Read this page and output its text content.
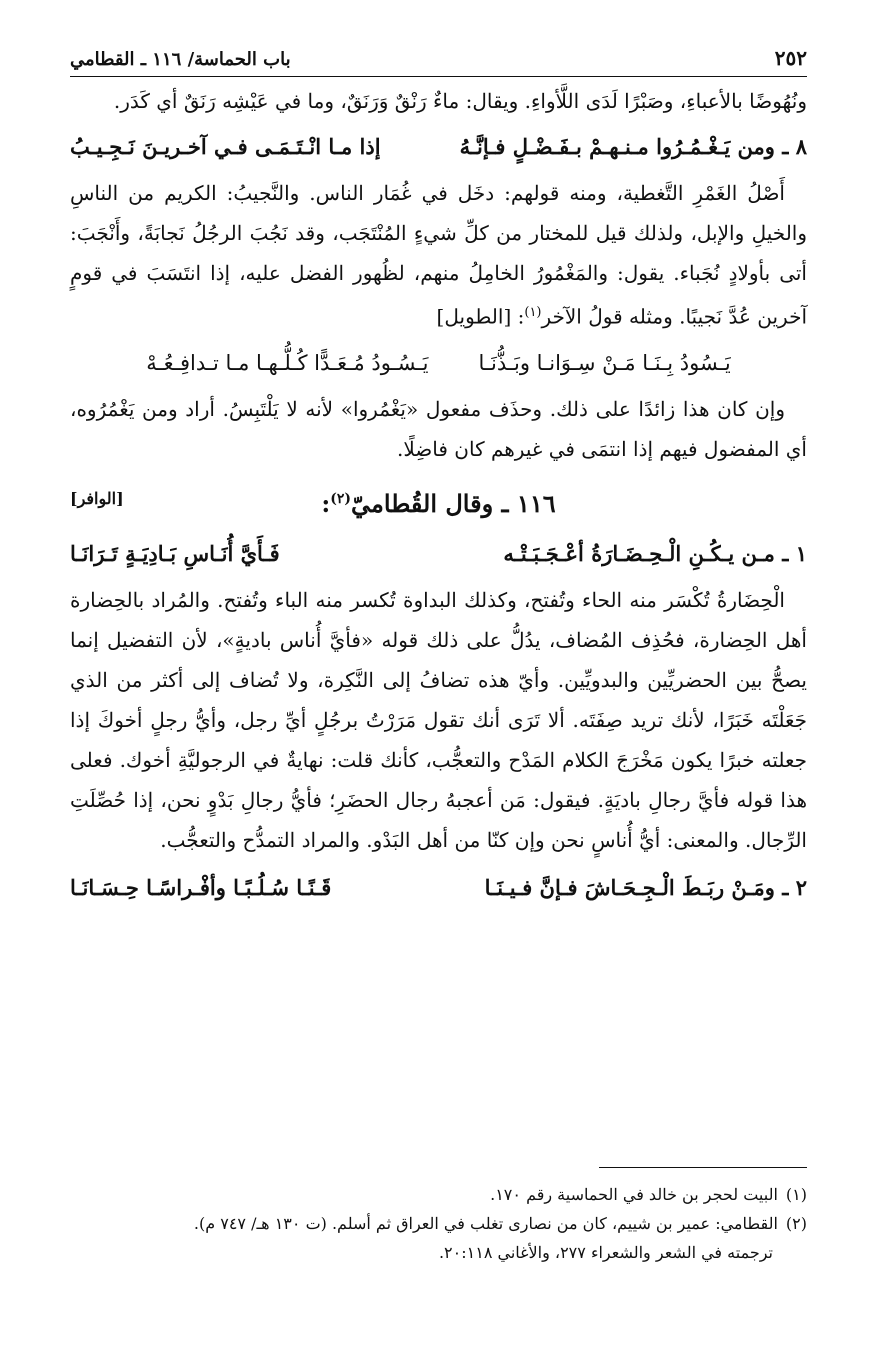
٢٥٢
باب الحماسة/ ١١٦ ـ القطامي

ونُهُوضًا بالأعباءِ، وصَبْرًا لَدَى اللَّأواءِ. ويقال: ماءٌ رَنْقٌ وَرَنَقٌ، وما في عَيْشِه رَنَقٌ أي كَدَر.

٨ ـ ومن يَـغْـمُـرُوا مـنـهـمْ بـفَـضْـلٍ فـإنَّـهُ
إذا مـا انْـتَـمَـى فـي آخـريـنَ نَـجِـيـبُ

أَصْلُ الغَمْرِ التَّغطية، ومنه قولهم: دخَل في غُمَار الناس. والنَّجيبُ: الكريم من الناسِ والخيلِ والإبل، ولذلك قيل للمختار من كلِّ شيءٍ المُنْتَجَب، وقد نَجُبَ الرجُلُ نَجابَةً، وأَنْجَبَ: أتى بأولادٍ نُجَباء. يقول: والمَغْمُورُ الخامِلُ منهم، لظُهور الفضل عليه، إذا انتَسَبَ في قومٍ آخرين عُدَّ نَجيبًا. ومثله قولُ الآخر$^{(١)}$: [الطويل]

يَـسُودُ بِـنَـا مَـنْ سِـوَانـا وبَـذُّنَـا
يَـسُـودُ مُـعَـدًّا كُـلُّـهـا مـا تـدافِـعُـهْ

وإن كان هذا زائدًا على ذلك. وحذَف مفعول «يَغْمُروا» لأنه لا يَلْتَبِسُ. أراد ومن يَغْمُرُوه، أي المفضول فيهم إذا انتمَى في غيرهم كان فاضِلًا.

١١٦ ـ وقال القُطاميّ$^{(٢)}$:
[الوافر]
١ ـ مـن يـكُـنِ الْـحِـضَـارَةُ أعْـجَـبَـتْـه
فَـأَيَّ أُنَـاسِ بَـادِيَـةٍ تَـرَانَـا

الْحِضَارةُ تُكْسَر منه الحاء وتُفتح، وكذلك البداوة تُكسر منه الباء وتُفتح. والمُراد بالحِضارة أهل الحِضارة، فحُذِف المُضاف، يدُلُّ على ذلك قوله «فأيَّ أُناس باديةٍ»، لأن التفضيل إنما يصحُّ بين الحضريِّين والبدويِّين. وأيّ هذه تضافُ إلى النَّكِرة، ولا تُضاف إلى أكثر من الذي جَعَلْتَه خَبَرًا، لأنك تريد صِفَتَه. ألا تَرَى أنك تقول مَرَرْتُ برجُلٍ أيِّ رجل، وأيُّ رجلٍ أخوكَ إذا جعلته خبرًا يكون مَخْرَجَ الكلام المَدْح والتعجُّب، كأنك قلت: نهايةٌ في الرجوليَّةِ أخوك. فعلى هذا قوله فأيَّ رجالِ باديَةٍ. فيقول: مَن أعجبهُ رجال الحضَرِ؛ فأيُّ رجالِ بَدْوٍ نحن، إذا حُصِّلَتِ الرِّجال. والمعنى: أيُّ أُناسٍ نحن وإن كنّا من أهل البَدْو. والمراد التمدُّح والتعجُّب.

٢ ـ ومَـنْ ربَـطَ الْـجِـحَـاشَ فـإنَّ فـيـنَـا
قَـنًـا سُـلُـبًـا وأفْـراسًـا حِـسَـانَـا
(١)
البيت لحجر بن خالد في الحماسية رقم ١٧٠.
(٢)
القطامي: عمير بن شييم، كان من نصارى تغلب في العراق ثم أسلم. (ت ١٣٠ هـ/ ٧٤٧ م).
ترجمته في الشعر والشعراء ٢٧٧، والأغاني ٢٠:١١٨.
